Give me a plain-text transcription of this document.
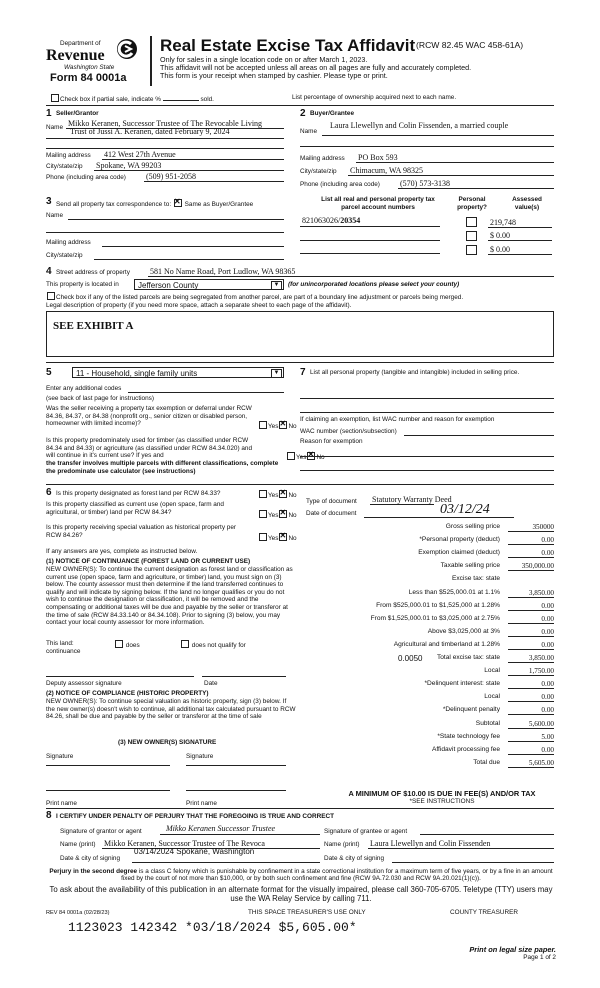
Department of
Revenue
Washington State
Form 84 0001a
Real Estate Excise Tax Affidavit (RCW 82.45 WAC 458-61A)
Only for sales in a single location code on or after March 1, 2023.
This affidavit will not be accepted unless all areas on all pages are fully and accurately completed.
This form is your receipt when stamped by cashier. Please type or print.
Check box if partial sale, indicate %	sold.	List percentage of ownership acquired next to each name.
1 Seller/Grantor
Name Mikko Keranen, Successor Trustee of The Revocable Living
Trust of Jussi A. Keranen, dated February 9, 2024
Mailing address 412 West 27th Avenue
City/state/zip Spokane, WA 99203
Phone (including area code)	(509) 951-2058
2 Buyer/Grantee
Name
Laura Llewellyn and Colin Fissenden, a married couple
Mailing address PO Box 593
City/state/zip Chimacum, WA 98325
Phone (including area code)	(570) 573-3138
3 Send all property tax correspondence to: ✕ Same as Buyer/Grantee
Name
Mailing address
City/state/zip
List all real and personal property tax
parcel account numbers
Personal
property?
Assessed
value(s)
821063026/20354	219,748
$ 0.00
$ 0.00
4 Street address of property	581 No Name Road, Port Ludlow, WA 98365
This property is located in	Jefferson County	▼	(for unincorporated locations please select your county)
Check box if any of the listed parcels are being segregated from another parcel, are part of a boundary line adjustment or parcels being merged.
Legal description of property (if you need more space, attach a separate sheet to each page of the affidavit).
SEE EXHIBIT A
5	11 - Household, single family units	▼
Enter any additional codes
(see back of last page for instructions)
Was the seller receiving a property tax exemption or deferral under RCW 84.36, 84.37, or 84.38 (nonprofit org., senior citizen or disabled person, homeowner with limited income)?	Yes ✕ No
Is this property predominately used for timber (as classified under RCW 84.34 and 84.33) or agriculture (as classified under RCW 84.34.020) and will continue in it's current use? If yes and
the transfer involves multiple parcels with different classifications, complete the predominate use calculator (see instructions)
Yes ✕ No
7 List all personal property (tangible and intangible) included in selling price.
If claiming an exemption, list WAC number and reason for exemption
WAC number (section/subsection)
Reason for exemption
6 Is this property designated as forest land per RCW 84.33?	Yes ✕ No
Is this property classified as current use (open space, farm and agricultural, or timber) land per RCW 84.34?	Yes ✕ No
Is this property receiving special valuation as historical property per RCW 84.26?	Yes ✕ No
If any answers are yes, complete as instructed below.
(1) NOTICE OF CONTINUANCE (FOREST LAND OR CURRENT USE)
NEW OWNER(S): To continue the current designation as forest land or classification as current use (open space, farm and agriculture, or timber) land, you must sign on (3) below. The county assessor must then determine if the land transferred continues to qualify and will indicate by signing below. If the land no longer qualifies or you do not wish to continue the designation or classification, it will be removed and the compensating or additional taxes will be due and payable by the seller or transferor at the time of sale (RCW 84.33.140 or 84.34.108). Prior to signing (3) below, you may contact your local county assessor for more information.
This land:
continuance
does	does not qualify for
Deputy assessor signature	Date
(2) NOTICE OF COMPLIANCE (HISTORIC PROPERTY)
NEW OWNER(S): To continue special valuation as historic property, sign (3) below. If the new owner(s) doesn't wish to continue, all additional tax calculated pursuant to RCW 84.26, shall be due and payable by the seller or transferor at the time of sale
(3) NEW OWNER(S) SIGNATURE
Signature	Signature
Print name	Print name
Type of document Statutory Warranty Deed
Date of document	03/12/24
Gross selling price	350000
*Personal property (deduct)	0.00
Exemption claimed (deduct)	0.00
Taxable selling price	350,000.00
Excise tax: state
Less than $525,000.01 at 1.1%	3,850.00
From $525,000.01 to $1,525,000 at 1.28%	0.00
From $1,525,000.01 to $3,025,000 at 2.75%	0.00
Above $3,025,000 at 3%	0.00
Agricultural and timberland at 1.28%	0.00
Total excise tax: state	3,850.00
Local	1,750.00
*Delinquent interest: state	0.00
Local	0.00
*Delinquent penalty	0.00
Subtotal	5,600.00
*State technology fee	5.00
Affidavit processing fee	0.00
Total due	5,605.00
0.0050
A MINIMUM OF $10.00 IS DUE IN FEE(S) AND/OR TAX
*SEE INSTRUCTIONS
8 I CERTIFY UNDER PENALTY OF PERJURY THAT THE FOREGOING IS TRUE AND CORRECT
Signature of grantor or agent	Mikko Keranen Successor Trustee	Signature of grantee or agent
Name (print) Mikko Keranen, Successor Trustee of The Revoca	Name (print) Laura Llewellyn and Colin Fissenden
Date & city of signing
03/14/2024 Spokane, Washington
Date & city of signing
Perjury in the second degree is a class C felony which is punishable by confinement in a state correctional institution for a maximum term of five years, or by a fine in an amount fixed by the court of not more than $10,000, or by both such confinement and fine (RCW 9A.72.030 and RCW 9A.20.021(1)(c)).
To ask about the availability of this publication in an alternate format for the visually impaired, please call 360-705-6705. Teletype (TTY) users may use the WA Relay Service by calling 711.
REV 84 0001a (02/28/23)	THIS SPACE TREASURER'S USE ONLY	COUNTY TREASURER
1123023 142342 *03/18/2024 $5,605.00*
Print on legal size paper.
Page 1 of 2
